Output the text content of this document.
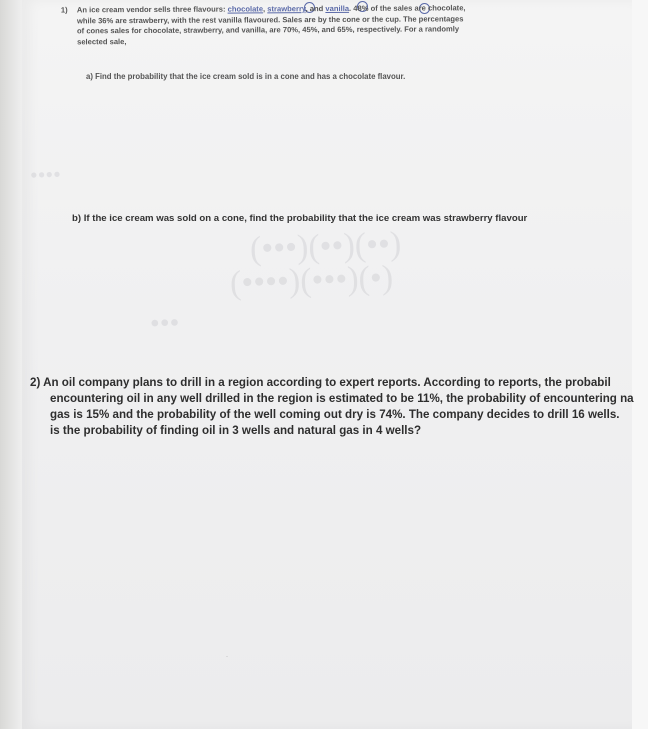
(•••)(••)(••)
(••••)(•••)(•)
•••
••••
1) An ice cream vendor sells three flavours: chocolate, strawberry, and vanilla. 48% of the sales are chocolate,
while 36% are strawberry, with the rest vanilla flavoured. Sales are by the cone or the cup. The percentages
of cones sales for chocolate, strawberry, and vanilla, are 70%, 45%, and 65%, respectively. For a randomly
selected sale,
a) Find the probability that the ice cream sold is in a cone and has a chocolate flavour.
b) If the ice cream was sold on a cone, find the probability that the ice cream was strawberry flavour
2) An oil company plans to drill in a region according to expert reports. According to reports, the probabil
encountering oil in any well drilled in the region is estimated to be 11%, the probability of encountering na
gas is 15% and the probability of the well coming out dry is 74%. The company decides to drill 16 wells.
is the probability of finding oil in 3 wells and natural gas in 4 wells?
·
